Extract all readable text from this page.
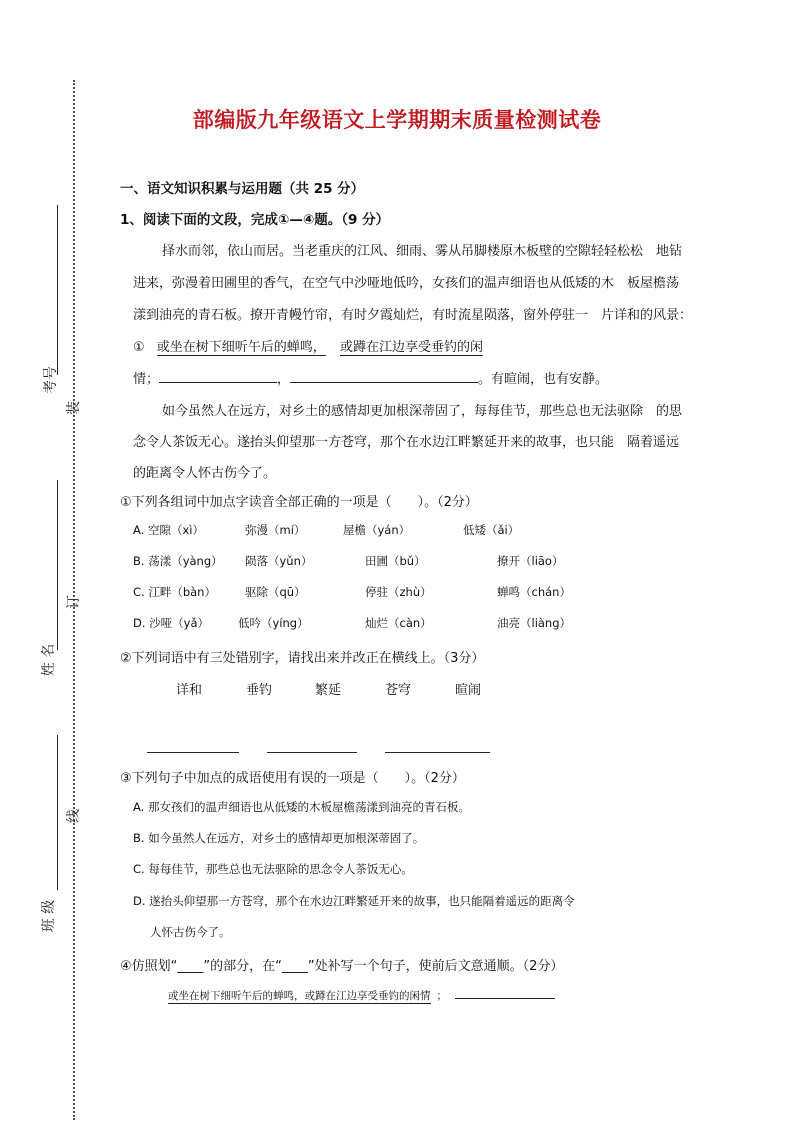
考号
装
姓 名
订
班 级
线
部编版九年级语文上学期期末质量检测试卷
一、语文知识积累与运用题（共 25 分）
1、阅读下面的文段，完成①—④题。（9 分）
择水而邻，依山而居。当老重庆的江风、细雨、雾从吊脚楼原木板壁的空隙轻轻松松　地钻
进来，弥漫着田圃里的香气，在空气中沙哑地低吟，女孩们的温声细语也从低矮的木　板屋檐荡
漾到油亮的青石板。撩开青幔竹帘，有时夕霞灿烂，有时流星陨落，窗外停驻一　片详和的风景：
① 或坐在树下细听午后的蝉鸣， 或蹲在江边享受垂钓的闲
情；	，	。有暄闹，也有安静。
如今虽然人在远方，对乡土的感情却更加根深蒂固了，每每佳节，那些总也无法驱除　的思
念令人茶饭无心。遂抬头仰望那一方苍穹，那个在水边江畔繁延开来的故事，也只能　隔着遥远
的距离令人怀古伤今了。
①下列各组词中加点字读音全部正确的一项是（　　）。（2分）
A. 空隙（xì）	弥漫（mí）	屋檐（yán）	低矮（ǎi）
B. 荡漾（yàng） 陨落（yǔn）	田圃（bǔ）	撩开（liāo）
C. 江畔（bàn）	驱除（qū）	停驻（zhù）	蝉鸣（chán）
D. 沙哑（yǎ）	低吟（yíng）	灿烂（càn）	油亮（liàng）
②下列词语中有三处错别字，请找出来并改正在横线上。（3分）
详和	垂钓	繁延	苍穹	暄闹
③下列句子中加点的成语使用有误的一项是（　　）。（2分）
A. 那女孩们的温声细语也从低矮的木板屋檐荡漾到油亮的青石板。
B. 如今虽然人在远方，对乡土的感情却更加根深蒂固了。
C. 每每佳节，那些总也无法驱除的思念令人茶饭无心。
D. 遂抬头仰望那一方苍穹，那个在水边江畔繁延开来的故事，也只能隔着遥远的距离令
人怀古伤今了。
④仿照划“____”的部分，在“____”处补写一个句子，使前后文意通顺。（2分）
或坐在树下细听午后的蝉鸣，或蹲在江边享受垂钓的闲情 ；
